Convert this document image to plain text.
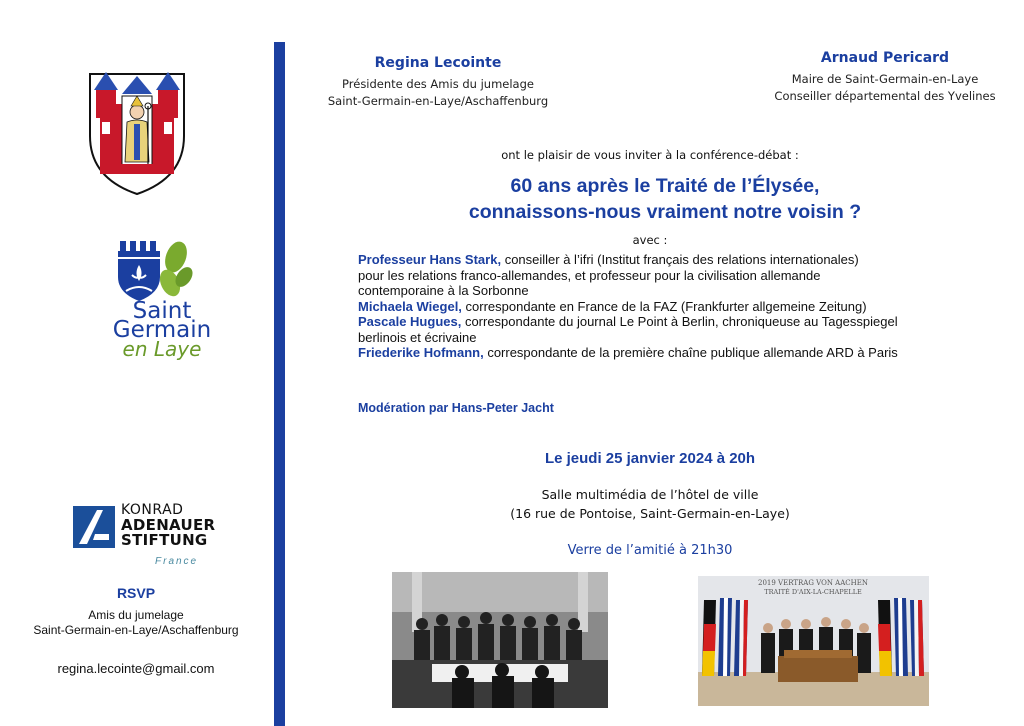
Saint
Germain
en Laye
KONRAD
ADENAUER
STIFTUNG
France
RSVP
Amis du jumelage
Saint-Germain-en-Laye/Aschaffenburg
regina.lecointe@gmail.com
Regina Lecointe
Présidente des Amis du jumelage
Saint-Germain-en-Laye/Aschaffenburg
Arnaud Pericard
Maire de Saint-Germain-en-Laye
Conseiller départemental des Yvelines
ont le plaisir de vous inviter à la conférence-débat :
60 ans après le Traité de l’Élysée,
connaissons-nous vraiment notre voisin ?
avec :
Professeur Hans Stark, conseiller à l’ifri (Institut français des relations internationales)
pour les relations franco-allemandes, et professeur pour la civilisation allemande
contemporaine à la Sorbonne
Michaela Wiegel, correspondante en France de la FAZ (Frankfurter allgemeine Zeitung)
Pascale Hugues, correspondante du journal Le Point à Berlin, chroniqueuse au Tagesspiegel
berlinois et écrivaine
Friederike Hofmann, correspondante de la première chaîne publique allemande ARD à Paris
Modération par Hans-Peter Jacht
Le jeudi 25 janvier 2024 à 20h
Salle multimédia de l’hôtel de ville
(16 rue de Pontoise, Saint-Germain-en-Laye)
Verre de l’amitié à 21h30
2019 VERTRAG VON AACHEN
TRAITÉ D'AIX-LA-CHAPELLE
